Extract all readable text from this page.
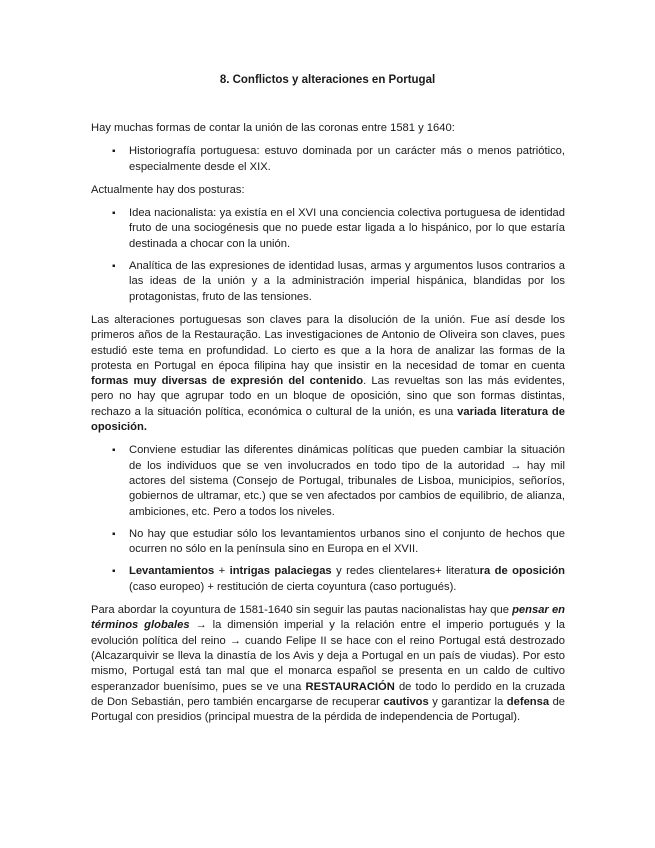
8. Conflictos y alteraciones en Portugal

Hay muchas formas de contar la unión de las coronas entre 1581 y 1640:

▪	Historiografía portuguesa: estuvo dominada por un carácter más o menos patriótico, especialmente desde el XIX.

Actualmente hay dos posturas:

▪	Idea nacionalista: ya existía en el XVI una conciencia colectiva portuguesa de identidad fruto de una sociogénesis que no puede estar ligada a lo hispánico, por lo que estaría destinada a chocar con la unión.
▪	Analítica de las expresiones de identidad lusas, armas y argumentos lusos contrarios a las ideas de la unión y a la administración imperial hispánica, blandidas por los protagonistas, fruto de las tensiones.

Las alteraciones portuguesas son claves para la disolución de la unión. Fue así desde los primeros años de la Restauração. Las investigaciones de Antonio de Oliveira son claves, pues estudió este tema en profundidad. Lo cierto es que a la hora de analizar las formas de la protesta en Portugal en época filipina hay que insistir en la necesidad de tomar en cuenta formas muy diversas de expresión del contenido. Las revueltas son las más evidentes, pero no hay que agrupar todo en un bloque de oposición, sino que son formas distintas, rechazo a la situación política, económica o cultural de la unión, es una variada literatura de oposición.

▪	Conviene estudiar las diferentes dinámicas políticas que pueden cambiar la situación de los individuos que se ven involucrados en todo tipo de la autoridad → hay mil actores del sistema (Consejo de Portugal, tribunales de Lisboa, municipios, señoríos, gobiernos de ultramar, etc.) que se ven afectados por cambios de equilibrio, de alianza, ambiciones, etc. Pero a todos los niveles.
▪	No hay que estudiar sólo los levantamientos urbanos sino el conjunto de hechos que ocurren no sólo en la península sino en Europa en el XVII.
▪	Levantamientos + intrigas palaciegas y redes clientelares+ literatura de oposición (caso europeo) + restitución de cierta coyuntura (caso portugués).

Para abordar la coyuntura de 1581-1640 sin seguir las pautas nacionalistas hay que pensar en términos globales → la dimensión imperial y la relación entre el imperio portugués y la evolución política del reino → cuando Felipe II se hace con el reino Portugal está destrozado (Alcazarquivir se lleva la dinastía de los Avis y deja a Portugal en un país de viudas). Por esto mismo, Portugal está tan mal que el monarca español se presenta en un caldo de cultivo esperanzador buenísimo, pues se ve una RESTAURACIÓN de todo lo perdido en la cruzada de Don Sebastián, pero también encargarse de recuperar cautivos y garantizar la defensa de Portugal con presidios (principal muestra de la pérdida de independencia de Portugal).
